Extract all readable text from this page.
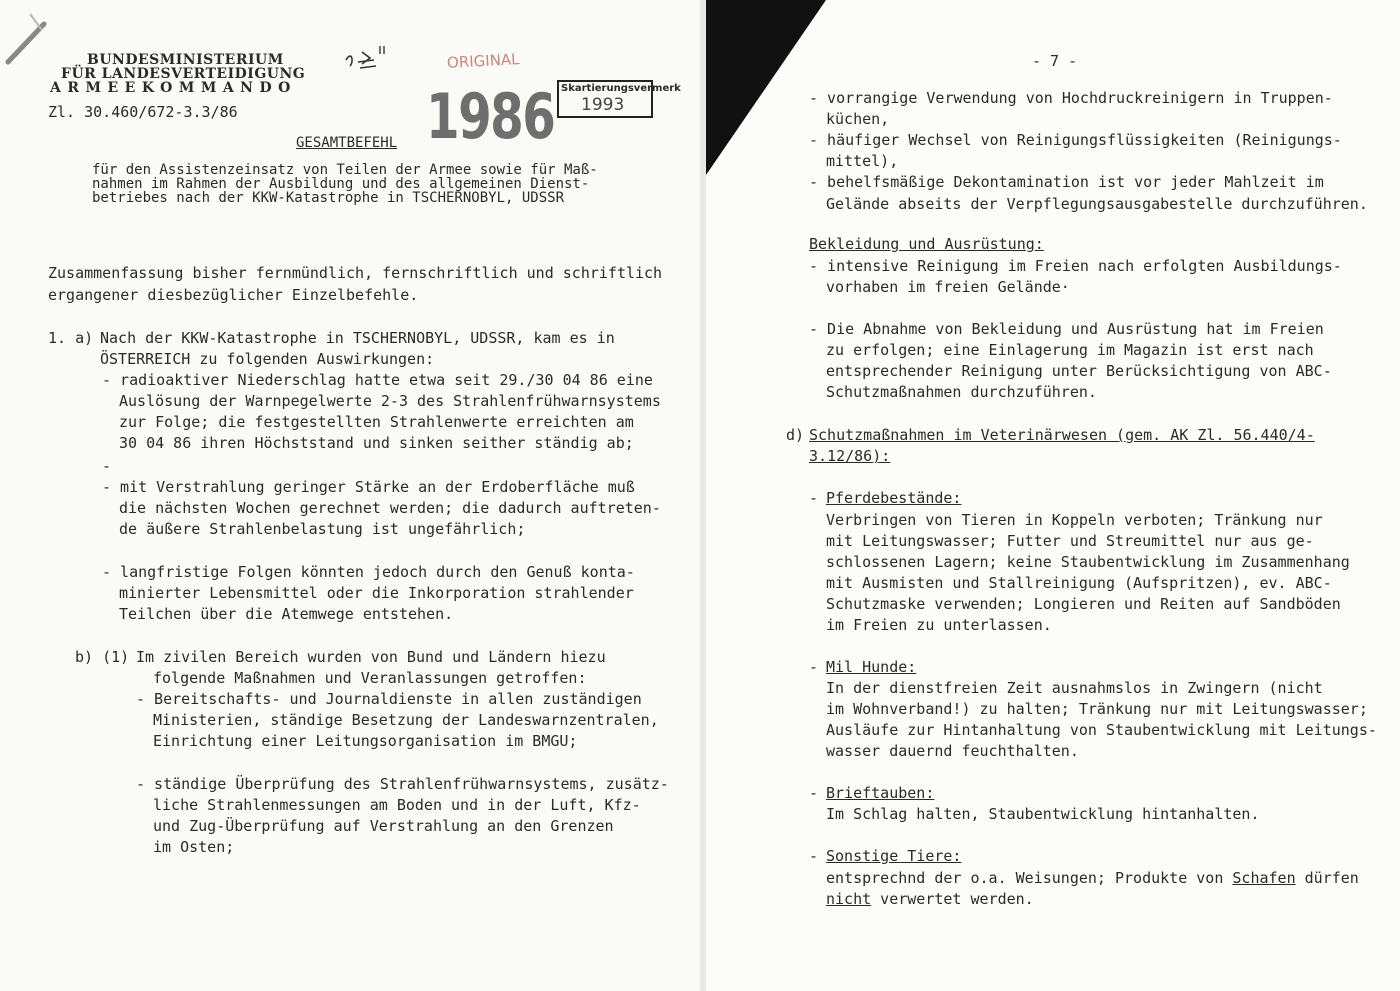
BUNDESMINISTERIUM
FÜR LANDESVERTEIDIGUNG
ARMEEKOMMANDO
Zl. 30.460/672-3.3/86
ORIGINAL
1986 Skartierungsvermerk
1993
GESAMTBEFEHL
für den Assistenzeinsatz von Teilen der Armee sowie für Maß-
nahmen im Rahmen der Ausbildung und des allgemeinen Dienst-
betriebes nach der KKW-Katastrophe in TSCHERNOBYL, UDSSR
Zusammenfassung bisher fernmündlich, fernschriftlich und schriftlich
ergangener diesbezüglicher Einzelbefehle.
1. a) Nach der KKW-Katastrophe in TSCHERNOBYL, UDSSR, kam es in
ÖSTERREICH zu folgenden Auswirkungen:
- radioaktiver Niederschlag hatte etwa seit 29./30 04 86 eine
Auslösung der Warnpegelwerte 2-3 des Strahlenfrühwarnsystems
zur Folge; die festgestellten Strahlenwerte erreichten am
30 04 86 ihren Höchststand und sinken seither ständig ab;
-
- mit Verstrahlung geringer Stärke an der Erdoberfläche muß
die nächsten Wochen gerechnet werden; die dadurch auftreten-
de äußere Strahlenbelastung ist ungefährlich;
- langfristige Folgen könnten jedoch durch den Genuß konta-
minierter Lebensmittel oder die Inkorporation strahlender
Teilchen über die Atemwege entstehen.
b) (1) Im zivilen Bereich wurden von Bund und Ländern hiezu
folgende Maßnahmen und Veranlassungen getroffen:
- Bereitschafts- und Journaldienste in allen zuständigen
Ministerien, ständige Besetzung der Landeswarnzentralen,
Einrichtung einer Leitungsorganisation im BMGU;
- ständige Überprüfung des Strahlenfrühwarnsystems, zusätz-
liche Strahlenmessungen am Boden und in der Luft, Kfz-
und Zug-Überprüfung auf Verstrahlung an den Grenzen
im Osten;
- 7 -
- vorrangige Verwendung von Hochdruckreinigern in Truppen-
küchen,
- häufiger Wechsel von Reinigungsflüssigkeiten (Reinigungs-
mittel),
- behelfsmäßige Dekontamination ist vor jeder Mahlzeit im
Gelände abseits der Verpflegungsausgabestelle durchzuführen.
Bekleidung und Ausrüstung:
- intensive Reinigung im Freien nach erfolgten Ausbildungs-
vorhaben im freien Gelände·
- Die Abnahme von Bekleidung und Ausrüstung hat im Freien
zu erfolgen; eine Einlagerung im Magazin ist erst nach
entsprechender Reinigung unter Berücksichtigung von ABC-
Schutzmaßnahmen durchzuführen.
d) Schutzmaßnahmen im Veterinärwesen (gem. AK Zl. 56.440/4-
3.12/86):
- Pferdebestände:
Verbringen von Tieren in Koppeln verboten; Tränkung nur
mit Leitungswasser; Futter und Streumittel nur aus ge-
schlossenen Lagern; keine Staubentwicklung im Zusammenhang
mit Ausmisten und Stallreinigung (Aufspritzen), ev. ABC-
Schutzmaske verwenden; Longieren und Reiten auf Sandböden
im Freien zu unterlassen.
- Mil Hunde:
In der dienstfreien Zeit ausnahmslos in Zwingern (nicht
im Wohnverband!) zu halten; Tränkung nur mit Leitungswasser;
Ausläufe zur Hintanhaltung von Staubentwicklung mit Leitungs-
wasser dauernd feuchthalten.
- Brieftauben:
Im Schlag halten, Staubentwicklung hintanhalten.
- Sonstige Tiere:
entsprechnd der o.a. Weisungen; Produkte von Schafen dürfen
nicht verwertet werden.
